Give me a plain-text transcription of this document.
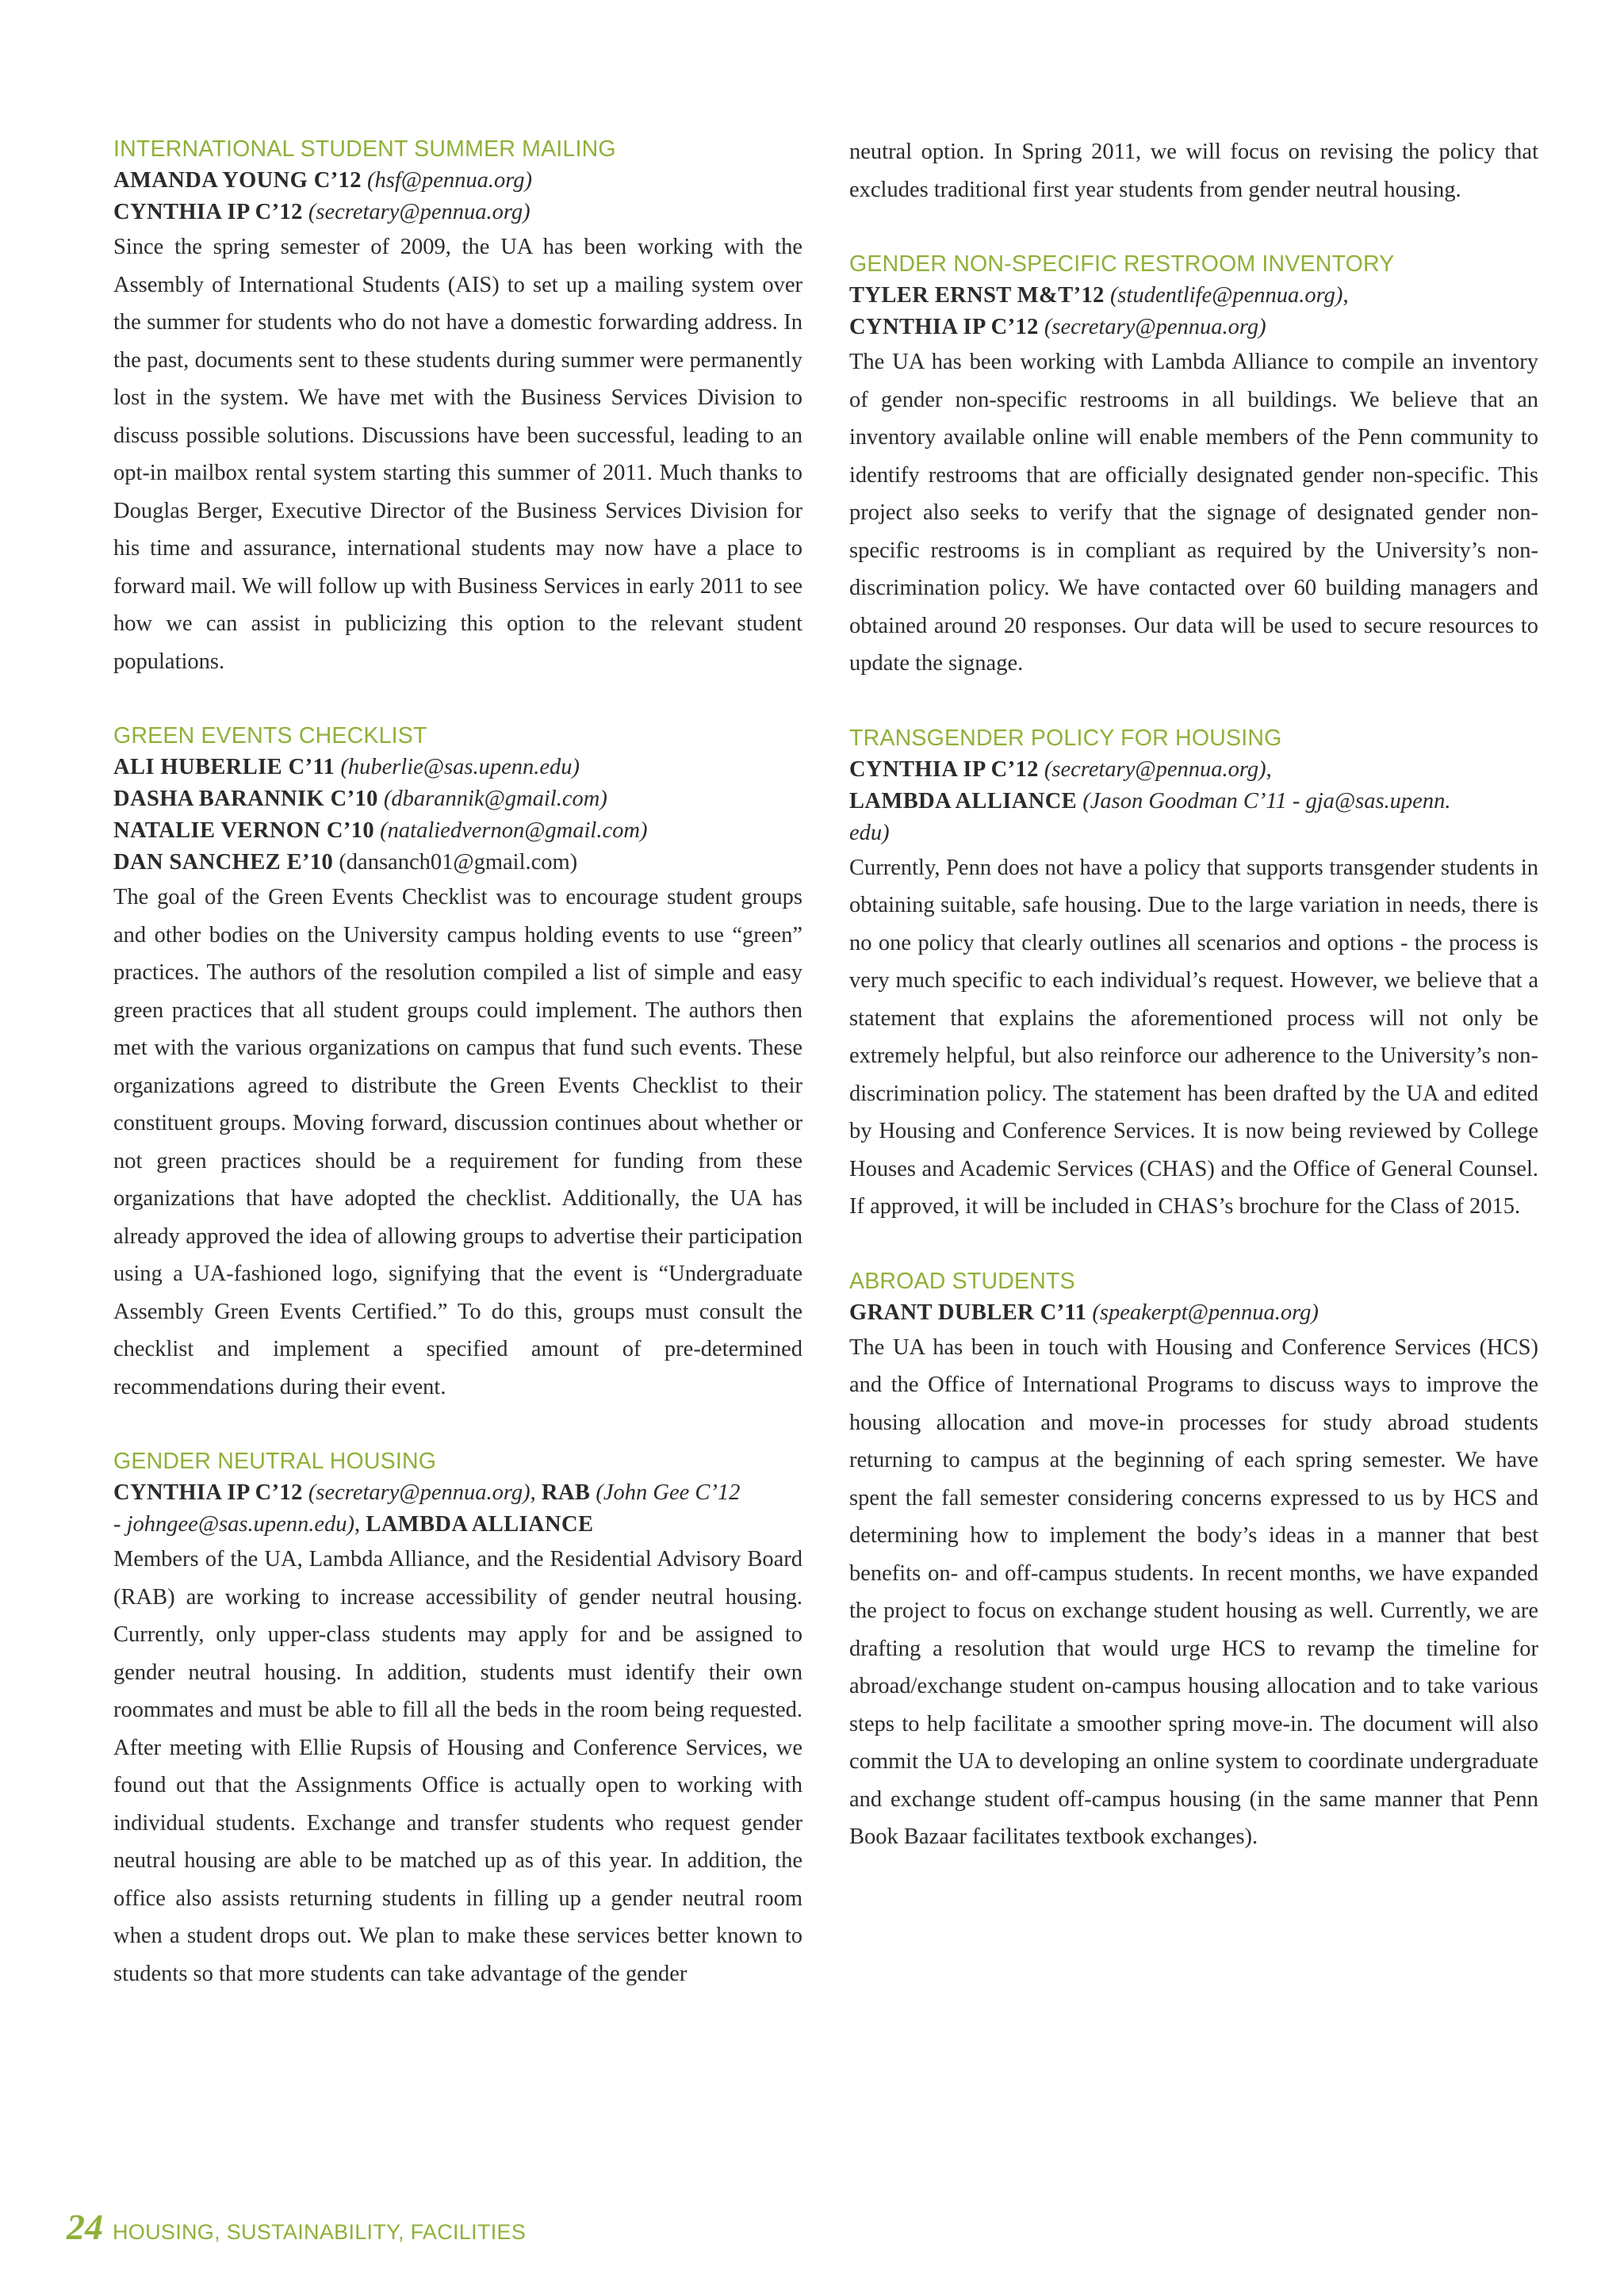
INTERNATIONAL STUDENT SUMMER MAILING
AMANDA YOUNG C’12 (hsf@pennua.org)
CYNTHIA IP C’12 (secretary@pennua.org)
Since the spring semester of 2009, the UA has been working with the Assembly of International Students (AIS) to set up a mailing system over the summer for students who do not have a domestic forwarding address. In the past, documents sent to these students during summer were permanently lost in the system. We have met with the Business Services Division to discuss possible solutions. Discussions have been successful, leading to an opt-in mailbox rental system starting this summer of 2011. Much thanks to Douglas Berger, Executive Director of the Business Services Division for his time and assurance, international students may now have a place to forward mail. We will follow up with Business Services in early 2011 to see how we can assist in publicizing this option to the relevant student populations.
GREEN EVENTS CHECKLIST
ALI HUBERLIE C’11 (huberlie@sas.upenn.edu)
DASHA BARANNIK C’10 (dbarannik@gmail.com)
NATALIE VERNON C’10 (nataliedvernon@gmail.com)
DAN SANCHEZ E’10 (dansanch01@gmail.com)
The goal of the Green Events Checklist was to encourage student groups and other bodies on the University campus holding events to use “green” practices. The authors of the resolution compiled a list of simple and easy green practices that all student groups could implement. The authors then met with the various organizations on campus that fund such events. These organizations agreed to distribute the Green Events Checklist to their constituent groups. Moving forward, discussion continues about whether or not green practices should be a requirement for funding from these organizations that have adopted the checklist. Additionally, the UA has already approved the idea of allowing groups to advertise their participation using a UA-fashioned logo, signifying that the event is “Undergraduate Assembly Green Events Certified.” To do this, groups must consult the checklist and implement a specified amount of pre-determined recommendations during their event.
GENDER NEUTRAL HOUSING
CYNTHIA IP C’12 (secretary@pennua.org), RAB (John Gee C’12
- johngee@sas.upenn.edu), LAMBDA ALLIANCE
Members of the UA, Lambda Alliance, and the Residential Advisory Board (RAB) are working to increase accessibility of gender neutral housing. Currently, only upper-class students may apply for and be assigned to gender neutral housing. In addition, students must identify their own roommates and must be able to fill all the beds in the room being requested. After meeting with Ellie Rupsis of Housing and Conference Services, we found out that the Assignments Office is actually open to working with individual students. Exchange and transfer students who request gender neutral housing are able to be matched up as of this year. In addition, the office also assists returning students in filling up a gender neutral room when a student drops out. We plan to make these services better known to students so that more students can take advantage of the gender
neutral option. In Spring 2011, we will focus on revising the policy that excludes traditional first year students from gender neutral housing.
GENDER NON-SPECIFIC RESTROOM INVENTORY
TYLER ERNST M&T’12 (studentlife@pennua.org),
CYNTHIA IP C’12 (secretary@pennua.org)
The UA has been working with Lambda Alliance to compile an inventory of gender non-specific restrooms in all buildings. We believe that an inventory available online will enable members of the Penn community to identify restrooms that are officially designated gender non-specific. This project also seeks to verify that the signage of designated gender non-specific restrooms is in compliant as required by the University’s non-discrimination policy. We have contacted over 60 building managers and obtained around 20 responses. Our data will be used to secure resources to update the signage.
TRANSGENDER POLICY FOR HOUSING
CYNTHIA IP C’12 (secretary@pennua.org),
LAMBDA ALLIANCE (Jason Goodman C’11 - gja@sas.upenn.
edu)
Currently, Penn does not have a policy that supports transgender students in obtaining suitable, safe housing. Due to the large variation in needs, there is no one policy that clearly outlines all scenarios and options - the process is very much specific to each individual’s request. However, we believe that a statement that explains the aforementioned process will not only be extremely helpful, but also reinforce our adherence to the University’s non-discrimination policy. The statement has been drafted by the UA and edited by Housing and Conference Services. It is now being reviewed by College Houses and Academic Services (CHAS) and the Office of General Counsel. If approved, it will be included in CHAS’s brochure for the Class of 2015.
ABROAD STUDENTS
GRANT DUBLER C’11 (speakerpt@pennua.org)
The UA has been in touch with Housing and Conference Services (HCS) and the Office of International Programs to discuss ways to improve the housing allocation and move-in processes for study abroad students returning to campus at the beginning of each spring semester. We have spent the fall semester considering concerns expressed to us by HCS and determining how to implement the body’s ideas in a manner that best benefits on- and off-campus students. In recent months, we have expanded the project to focus on exchange student housing as well. Currently, we are drafting a resolution that would urge HCS to revamp the timeline for abroad/exchange student on-campus housing allocation and to take various steps to help facilitate a smoother spring move-in. The document will also commit the UA to developing an online system to coordinate undergraduate and exchange student off-campus housing (in the same manner that Penn Book Bazaar facilitates textbook exchanges).
24 HOUSING, SUSTAINABILITY, FACILITIES
